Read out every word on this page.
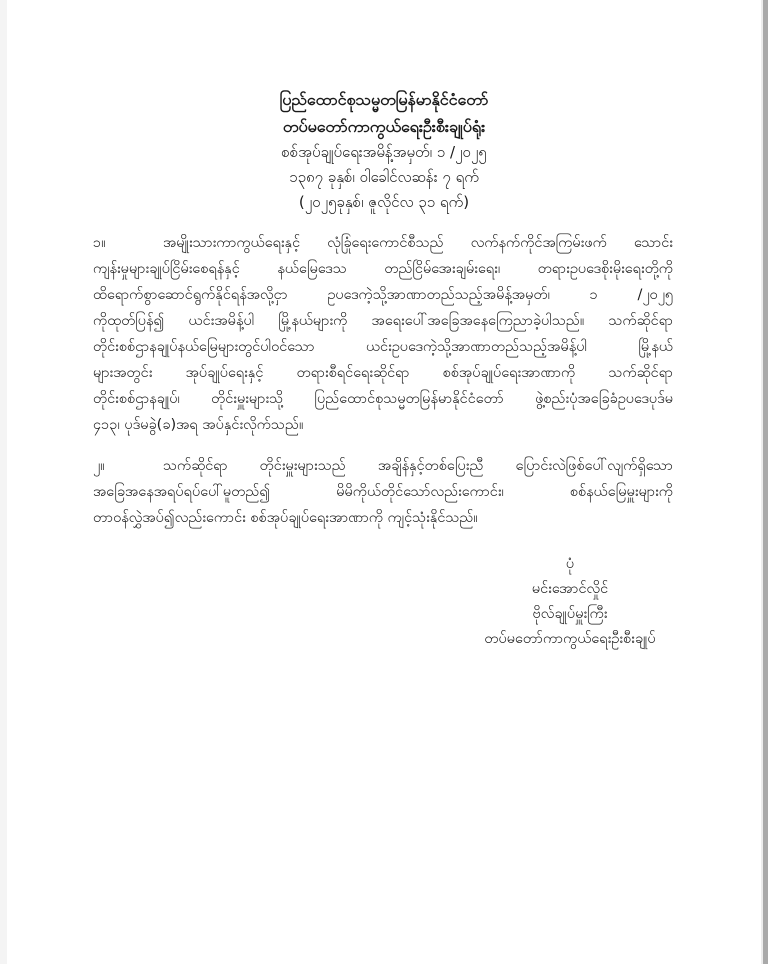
ပြည်ထောင်စုသမ္မတမြန်မာနိုင်ငံတော်
တပ်မတော်ကာကွယ်ရေးဦးစီးချုပ်ရုံး
စစ်အုပ်ချုပ်ရေးအမိန့်အမှတ်၊ ၁ /၂၀၂၅
၁၃၈၇ ခုနှစ်၊ ဝါခေါင်လဆန်း ၇ ရက်
(၂၀၂၅ခုနှစ်၊ ဇူလိုင်လ ၃၁ ရက်)
၁။	အမျိုးသားကာကွယ်ရေးနှင့် လုံခြုံရေးကောင်စီသည် လက်နက်ကိုင်အကြမ်းဖက် သောင်း
ကျန်းမှုများချုပ်ငြိမ်းစေရန်နှင့် နယ်မြေဒေသ တည်ငြိမ်အေးချမ်းရေး၊ တရားဥပဒေစိုးမိုးရေးတို့ကို
ထိရောက်စွာဆောင်ရွက်နိုင်ရန်အလို့ငှာ ဥပဒေကဲ့သို့အာဏာတည်သည့်အမိန့်အမှတ်၊ ၁ /၂၀၂၅
ကိုထုတ်ပြန်၍ ယင်းအမိန့်ပါ မြို့နယ်များကို အရေးပေါ်အခြေအနေကြေညာခဲ့ပါသည်။ သက်ဆိုင်ရာ
တိုင်းစစ်ဌာနချုပ်နယ်မြေများတွင်ပါဝင်သော ယင်းဥပဒေကဲ့သို့အာဏာတည်သည့်အမိန့်ပါ မြို့နယ်
များအတွင်း အုပ်ချုပ်ရေးနှင့် တရားစီရင်ရေးဆိုင်ရာ စစ်အုပ်ချုပ်ရေးအာဏာကို သက်ဆိုင်ရာ
တိုင်းစစ်ဌာနချုပ်၊ တိုင်းမှူးများသို့ ပြည်ထောင်စုသမ္မတမြန်မာနိုင်ငံတော် ဖွဲ့စည်းပုံအခြေခံဥပဒေပုဒ်မ
၄၁၃၊ ပုဒ်မခွဲ(ခ)အရ အပ်နှင်းလိုက်သည်။
၂။	သက်ဆိုင်ရာ တိုင်းမှူးများသည် အချိန်နှင့်တစ်ပြေးညီ ပြောင်းလဲဖြစ်ပေါ်လျက်ရှိသော
အခြေအနေအရပ်ရပ်ပေါ်မူတည်၍ မိမိကိုယ်တိုင်သော်လည်းကောင်း၊ စစ်နယ်မြေမှူးများကို
တာဝန်လွှဲအပ်၍လည်းကောင်း စစ်အုပ်ချုပ်ရေးအာဏာကို ကျင့်သုံးနိုင်သည်။
ပုံ
မင်းအောင်လှိုင်
ဗိုလ်ချုပ်မှူးကြီး
တပ်မတော်ကာကွယ်ရေးဦးစီးချုပ်
